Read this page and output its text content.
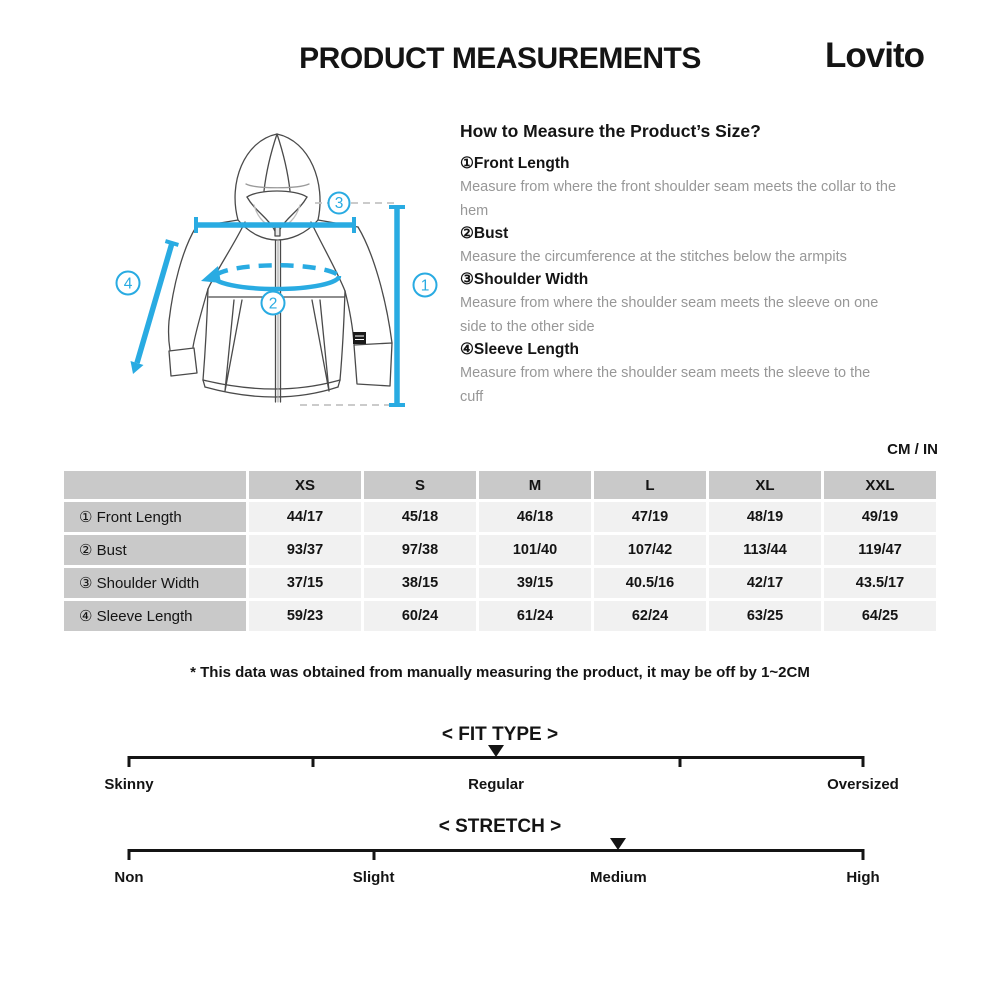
PRODUCT MEASUREMENTS	Lovito
1
2
3
4
How to Measure the Product’s Size?
①Front Length

Measure from where the front shoulder seam meets the collar to the hem

②Bust

Measure the circumference at the stitches below the armpits

③Shoulder Width

Measure from where the shoulder seam meets the sleeve on one side to the other side

④Sleeve Length

Measure from where the shoulder seam meets the sleeve to the cuff

CM / IN
	XS	S	M	L	XL	XXL
① Front Length	44/17	45/18	46/18	47/19	48/19	49/19
② Bust	93/37	97/38	101/40	107/42	113/44	119/47
③ Shoulder Width	37/15	38/15	39/15	40.5/16	42/17	43.5/17
④ Sleeve Length	59/23	60/24	61/24	62/24	63/25	64/25
* This data was obtained from manually measuring the product, it may be off by 1~2CM
< FIT TYPE >
Skinny	Regular	Oversized
< STRETCH >
Non	Slight	Medium	High
